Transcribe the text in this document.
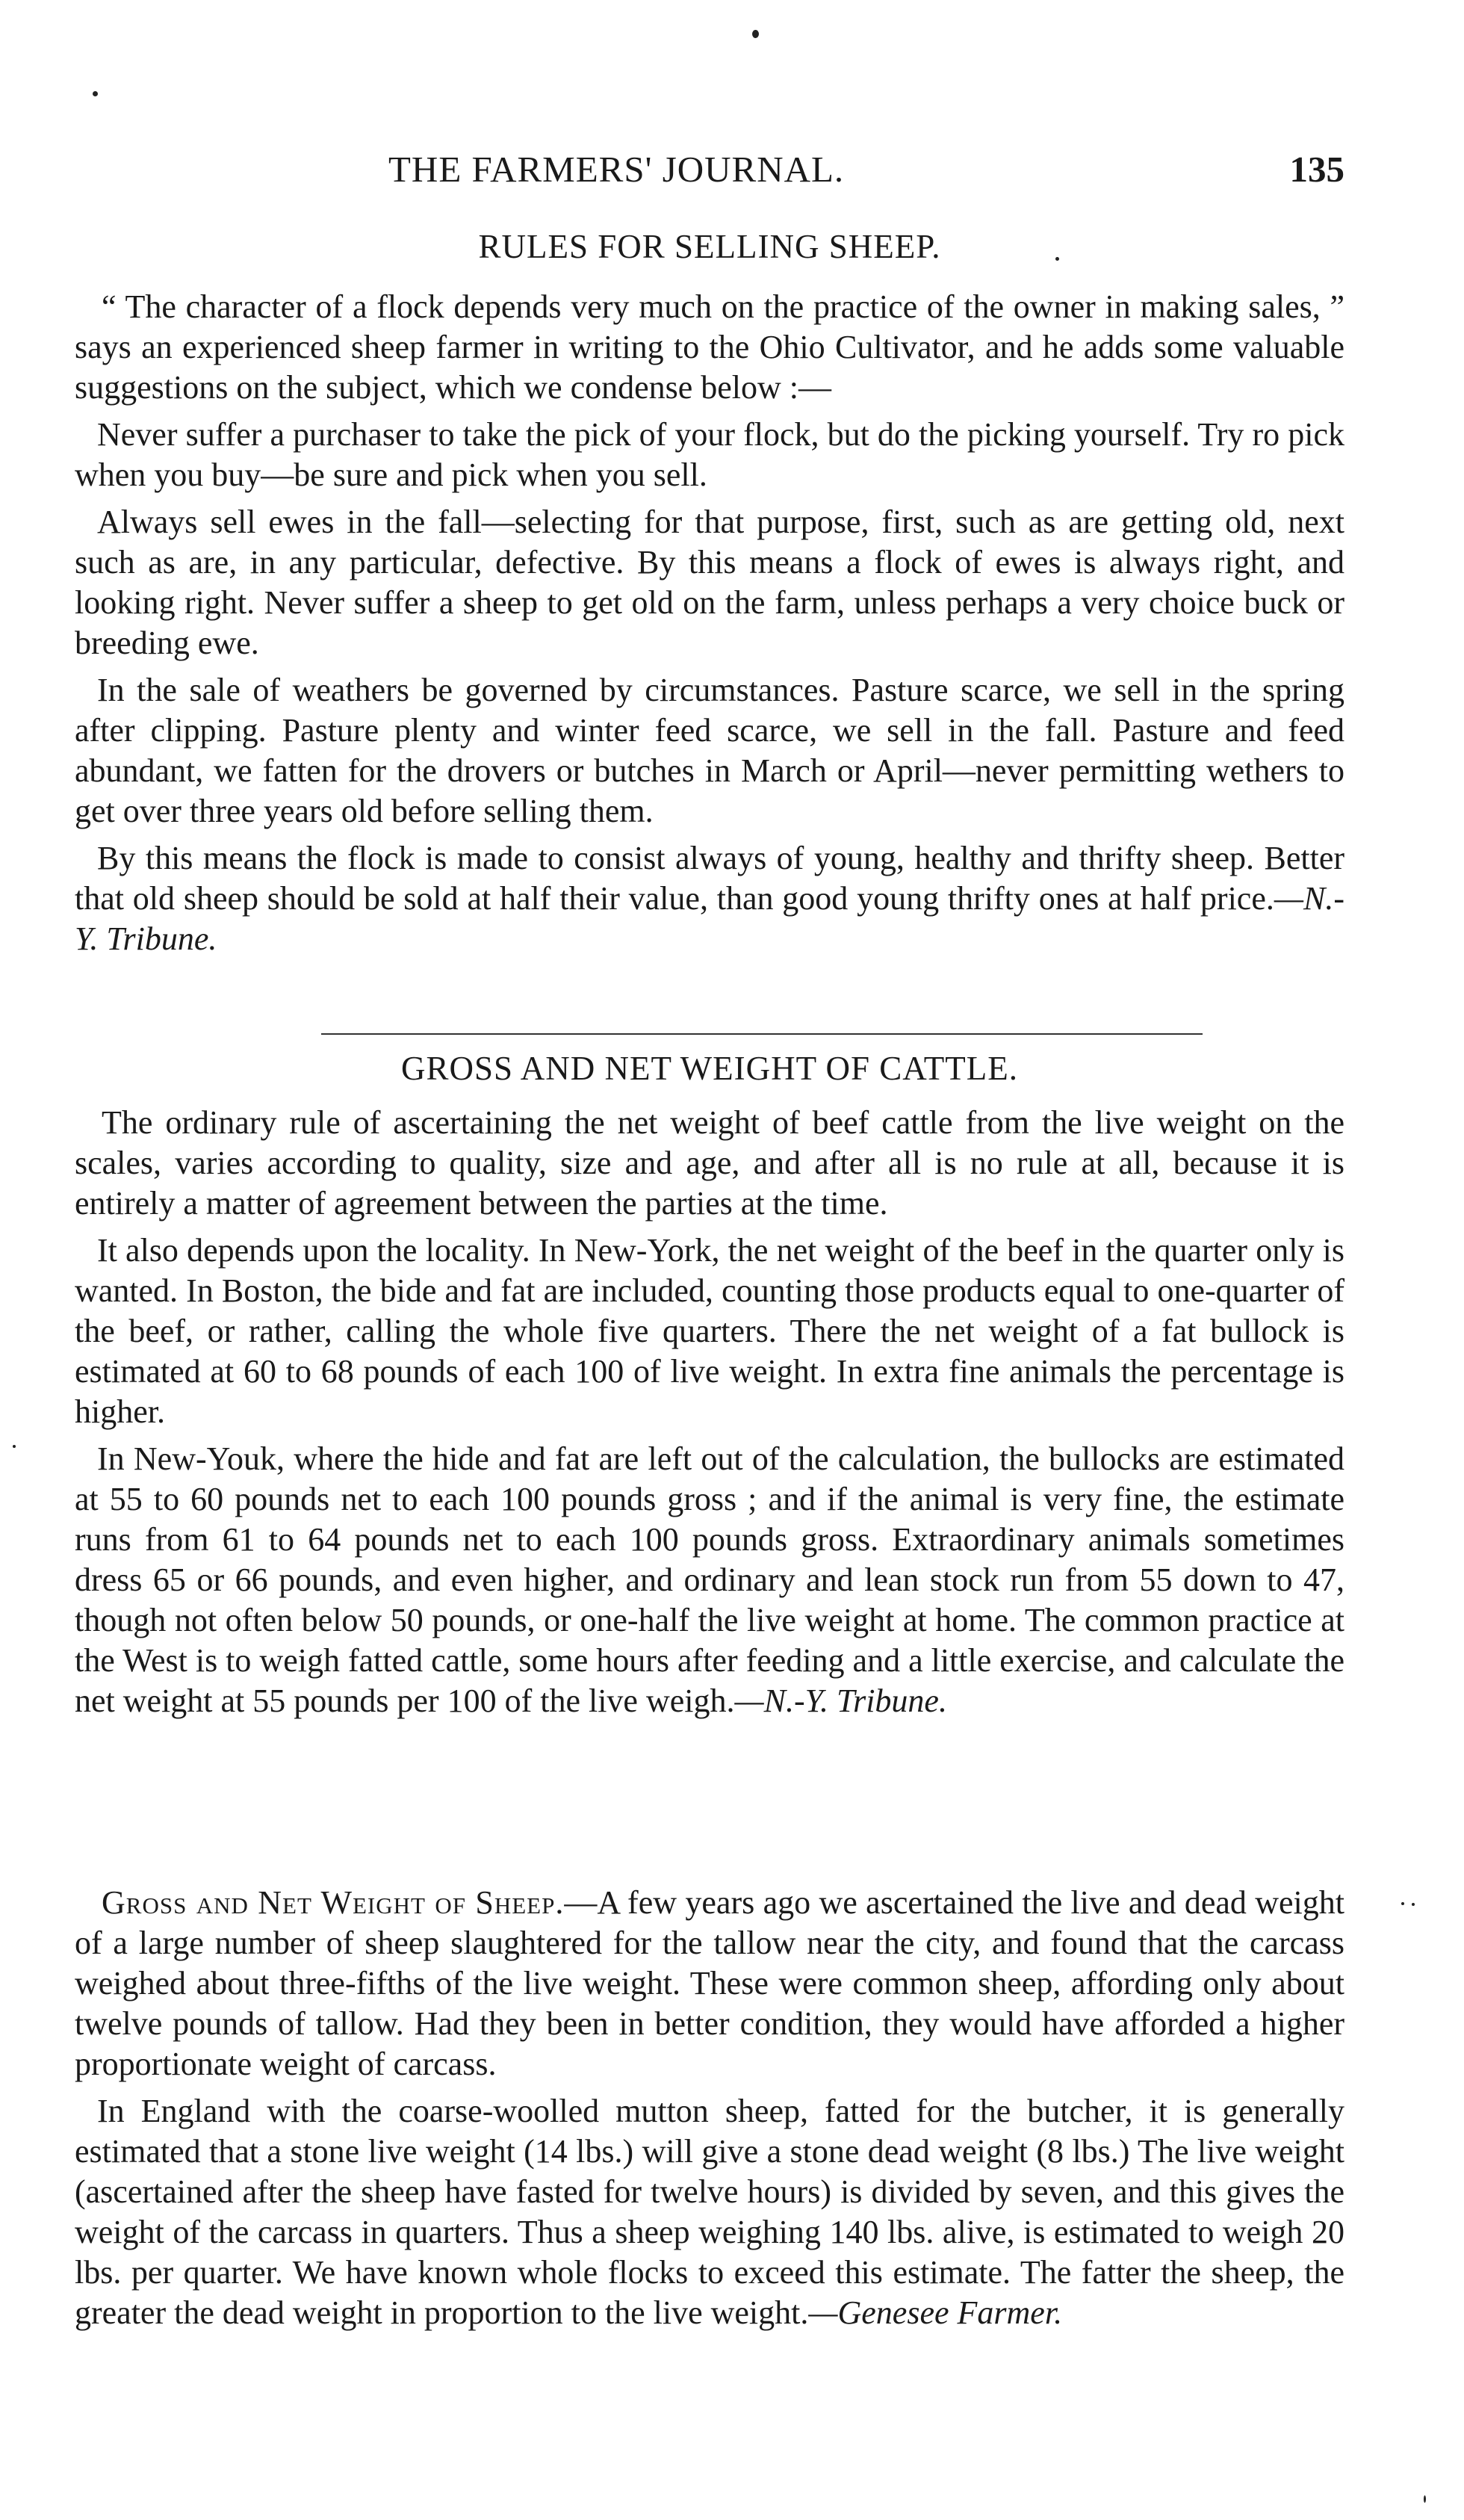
THE FARMERS' JOURNAL.	135
RULES FOR SELLING SHEEP.

“ The character of a flock depends very much on the practice of the owner in making sales, ” says an experienced sheep farmer in writing to the Ohio Cultivator, and he adds some valuable suggestions on the subject, which we condense below :—

Never suffer a purchaser to take the pick of your flock, but do the picking yourself. Try ro pick when you buy—be sure and pick when you sell.

Always sell ewes in the fall—selecting for that purpose, first, such as are getting old, next such as are, in any particular, defective. By this means a flock of ewes is always right, and looking right. Never suffer a sheep to get old on the farm, unless perhaps a very choice buck or breeding ewe.

In the sale of weathers be governed by circumstances. Pasture scarce, we sell in the spring after clipping. Pasture plenty and winter feed scarce, we sell in the fall. Pasture and feed abundant, we fatten for the drovers or butches in March or April—never permitting wethers to get over three years old before selling them.

By this means the flock is made to consist always of young, healthy and thrifty sheep. Better that old sheep should be sold at half their value, than good young thrifty ones at half price.—N.-Y. Tribune.

GROSS AND NET WEIGHT OF CATTLE.

The ordinary rule of ascertaining the net weight of beef cattle from the live weight on the scales, varies according to quality, size and age, and after all is no rule at all, because it is entirely a matter of agreement between the parties at the time.

It also depends upon the locality. In New-York, the net weight of the beef in the quarter only is wanted. In Boston, the bide and fat are included, counting those products equal to one-quarter of the beef, or rather, calling the whole five quarters. There the net weight of a fat bullock is estimated at 60 to 68 pounds of each 100 of live weight. In extra fine animals the percentage is higher.

In New-Youk, where the hide and fat are left out of the calculation, the bullocks are estimated at 55 to 60 pounds net to each 100 pounds gross ; and if the animal is very fine, the estimate runs from 61 to 64 pounds net to each 100 pounds gross. Extraordinary animals sometimes dress 65 or 66 pounds, and even higher, and ordinary and lean stock run from 55 down to 47, though not often below 50 pounds, or one-half the live weight at home. The common practice at the West is to weigh fatted cattle, some hours after feeding and a little exercise, and calculate the net weight at 55 pounds per 100 of the live weigh.—N.-Y. Tribune.

Gross and Net Weight of Sheep.—A few years ago we ascertained the live and dead weight of a large number of sheep slaughtered for the tallow near the city, and found that the carcass weighed about three-fifths of the live weight. These were common sheep, affording only about twelve pounds of tallow. Had they been in better condition, they would have afforded a higher proportionate weight of carcass.

In England with the coarse-woolled mutton sheep, fatted for the butcher, it is generally estimated that a stone live weight (14 lbs.) will give a stone dead weight (8 lbs.) The live weight (ascertained after the sheep have fasted for twelve hours) is divided by seven, and this gives the weight of the carcass in quarters. Thus a sheep weighing 140 lbs. alive, is estimated to weigh 20 lbs. per quarter. We have known whole flocks to exceed this estimate. The fatter the sheep, the greater the dead weight in proportion to the live weight.—Genesee Farmer.
